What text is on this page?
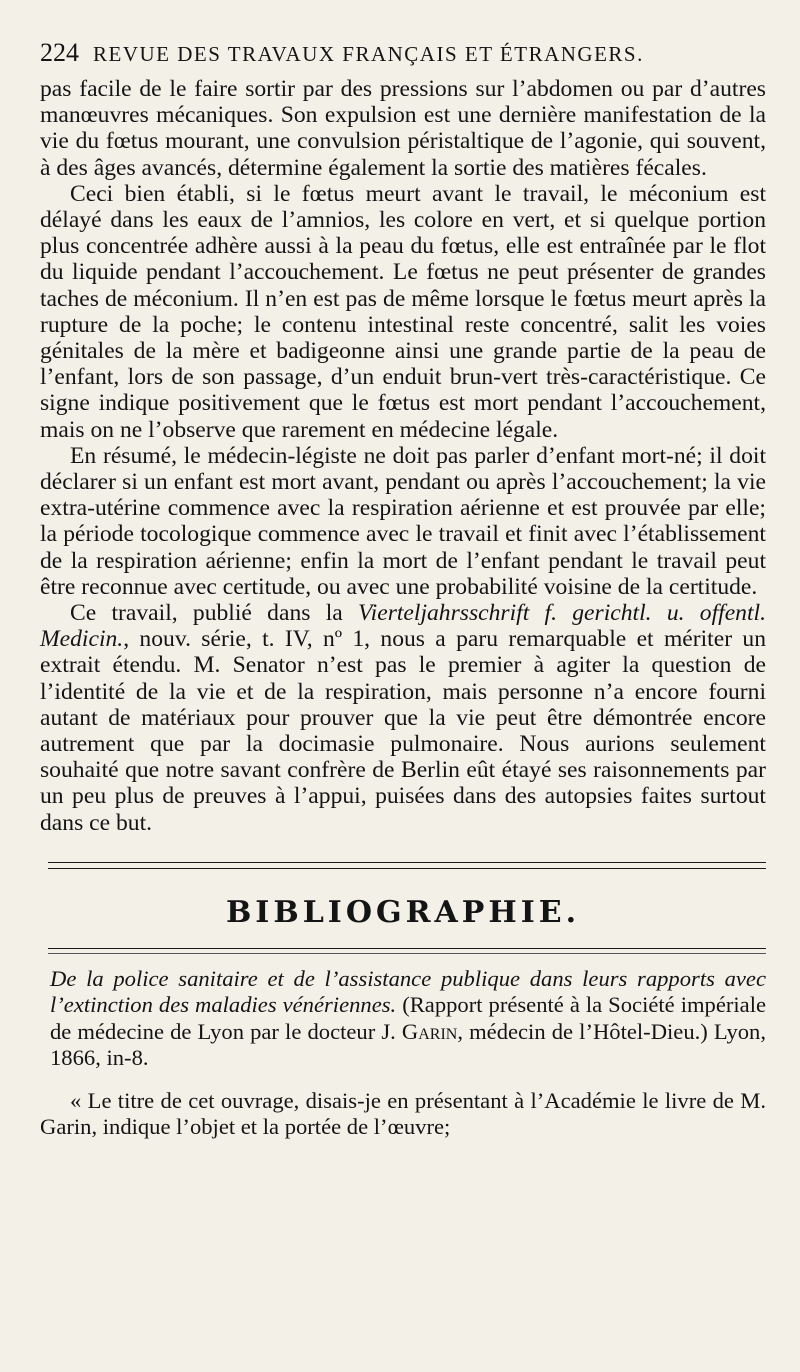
224 REVUE DES TRAVAUX FRANÇAIS ET ÉTRANGERS.

pas facile de le faire sortir par des pressions sur l’abdomen ou par d’autres manœuvres mécaniques. Son expulsion est une dernière manifestation de la vie du fœtus mourant, une convulsion péristaltique de l’agonie, qui souvent, à des âges avancés, détermine également la sortie des matières fécales.

Ceci bien établi, si le fœtus meurt avant le travail, le méconium est délayé dans les eaux de l’amnios, les colore en vert, et si quelque portion plus concentrée adhère aussi à la peau du fœtus, elle est entraînée par le flot du liquide pendant l’accouchement. Le fœtus ne peut présenter de grandes taches de méconium. Il n’en est pas de même lorsque le fœtus meurt après la rupture de la poche; le contenu intestinal reste concentré, salit les voies génitales de la mère et badigeonne ainsi une grande partie de la peau de l’enfant, lors de son passage, d’un enduit brun-vert très-caractéristique. Ce signe indique positivement que le fœtus est mort pendant l’accouchement, mais on ne l’observe que rarement en médecine légale.

En résumé, le médecin-légiste ne doit pas parler d’enfant mort-né; il doit déclarer si un enfant est mort avant, pendant ou après l’accouchement; la vie extra-utérine commence avec la respiration aérienne et est prouvée par elle; la période tocologique commence avec le travail et finit avec l’établissement de la respiration aérienne; enfin la mort de l’enfant pendant le travail peut être reconnue avec certitude, ou avec une probabilité voisine de la certitude.

Ce travail, publié dans la Vierteljahrsschrift f. gerichtl. u. offentl. Medicin., nouv. série, t. IV, nº 1, nous a paru remarquable et mériter un extrait étendu. M. Senator n’est pas le premier à agiter la question de l’identité de la vie et de la respiration, mais personne n’a encore fourni autant de matériaux pour prouver que la vie peut être démontrée encore autrement que par la docimasie pulmonaire. Nous aurions seulement souhaité que notre savant confrère de Berlin eût étayé ses raisonnements par un peu plus de preuves à l’appui, puisées dans des autopsies faites surtout dans ce but.

BIBLIOGRAPHIE.

De la police sanitaire et de l’assistance publique dans leurs rapports avec l’extinction des maladies vénériennes. (Rapport présenté à la Société impériale de médecine de Lyon par le docteur J. Garin, médecin de l’Hôtel-Dieu.) Lyon, 1866, in-8.

« Le titre de cet ouvrage, disais-je en présentant à l’Académie le livre de M. Garin, indique l’objet et la portée de l’œuvre;
